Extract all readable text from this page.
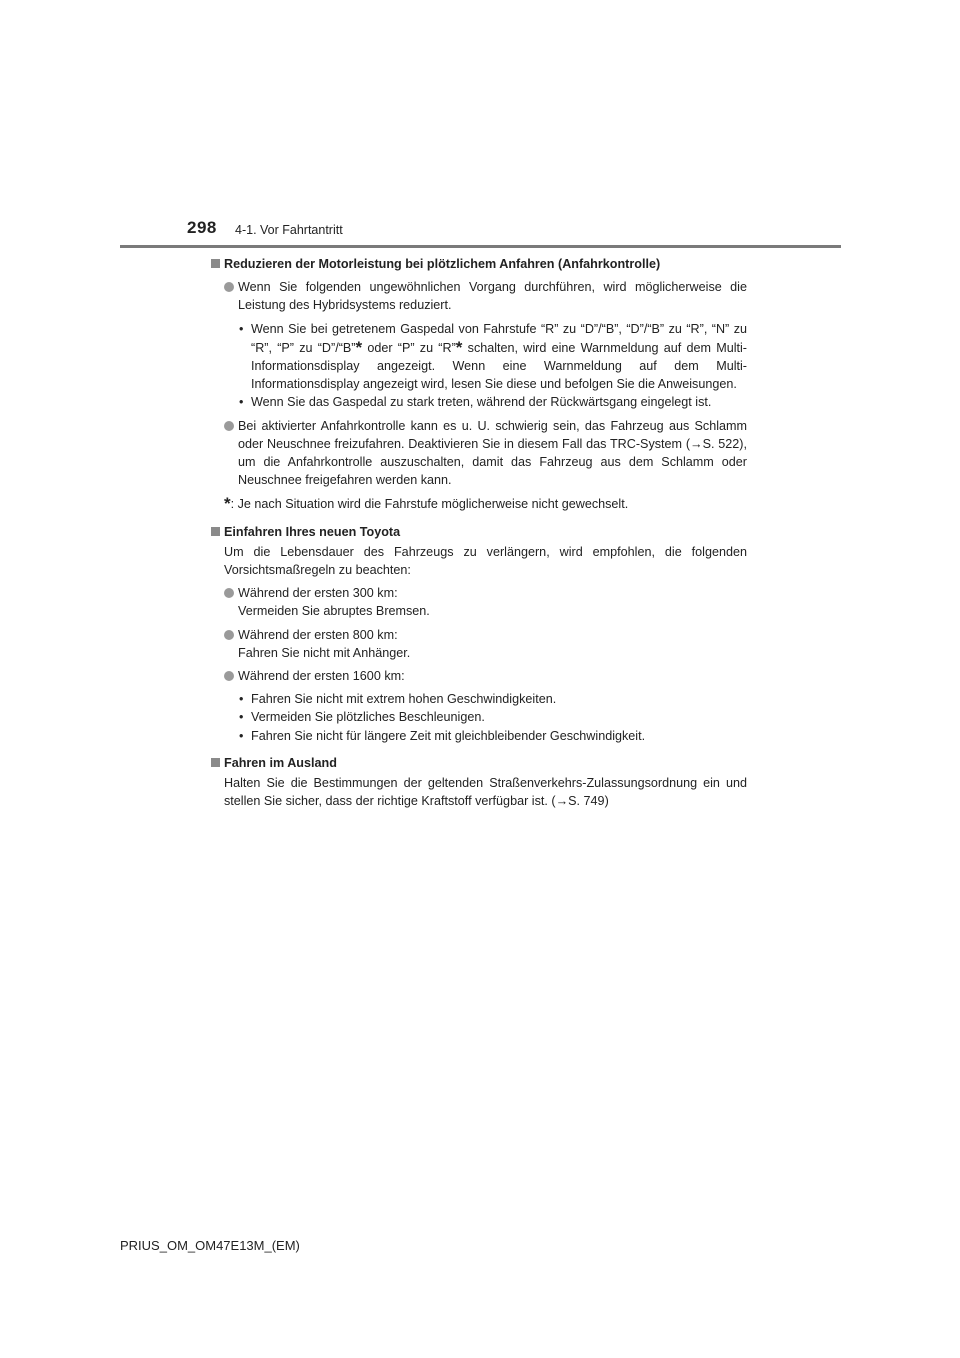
298 4-1. Vor Fahrtantritt
Reduzieren der Motorleistung bei plötzlichem Anfahren (Anfahrkontrolle)
Wenn Sie folgenden ungewöhnlichen Vorgang durchführen, wird möglicherweise die Leistung des Hybridsystems reduziert.
• Wenn Sie bei getretenem Gaspedal von Fahrstufe “R” zu “D”/“B”, “D”/“B” zu “R”, “N” zu “R”, “P” zu “D”/“B”* oder “P” zu “R”* schalten, wird eine Warnmeldung auf dem Multi-Informationsdisplay angezeigt. Wenn eine Warnmeldung auf dem Multi-Informationsdisplay angezeigt wird, lesen Sie diese und befolgen Sie die Anweisungen.
• Wenn Sie das Gaspedal zu stark treten, während der Rückwärtsgang eingelegt ist.
Bei aktivierter Anfahrkontrolle kann es u. U. schwierig sein, das Fahrzeug aus Schlamm oder Neuschnee freizufahren. Deaktivieren Sie in diesem Fall das TRC-System (→S. 522), um die Anfahrkontrolle auszuschalten, damit das Fahrzeug aus dem Schlamm oder Neuschnee freigefahren werden kann.
*: Je nach Situation wird die Fahrstufe möglicherweise nicht gewechselt.
Einfahren Ihres neuen Toyota
Um die Lebensdauer des Fahrzeugs zu verlängern, wird empfohlen, die folgenden Vorsichtsmaßregeln zu beachten:
Während der ersten 300 km:
Vermeiden Sie abruptes Bremsen.
Während der ersten 800 km:
Fahren Sie nicht mit Anhänger.
Während der ersten 1600 km:
• Fahren Sie nicht mit extrem hohen Geschwindigkeiten.
• Vermeiden Sie plötzliches Beschleunigen.
• Fahren Sie nicht für längere Zeit mit gleichbleibender Geschwindigkeit.
Fahren im Ausland
Halten Sie die Bestimmungen der geltenden Straßenverkehrs-Zulassungsordnung ein und stellen Sie sicher, dass der richtige Kraftstoff verfügbar ist. (→S. 749)
PRIUS_OM_OM47E13M_(EM)
